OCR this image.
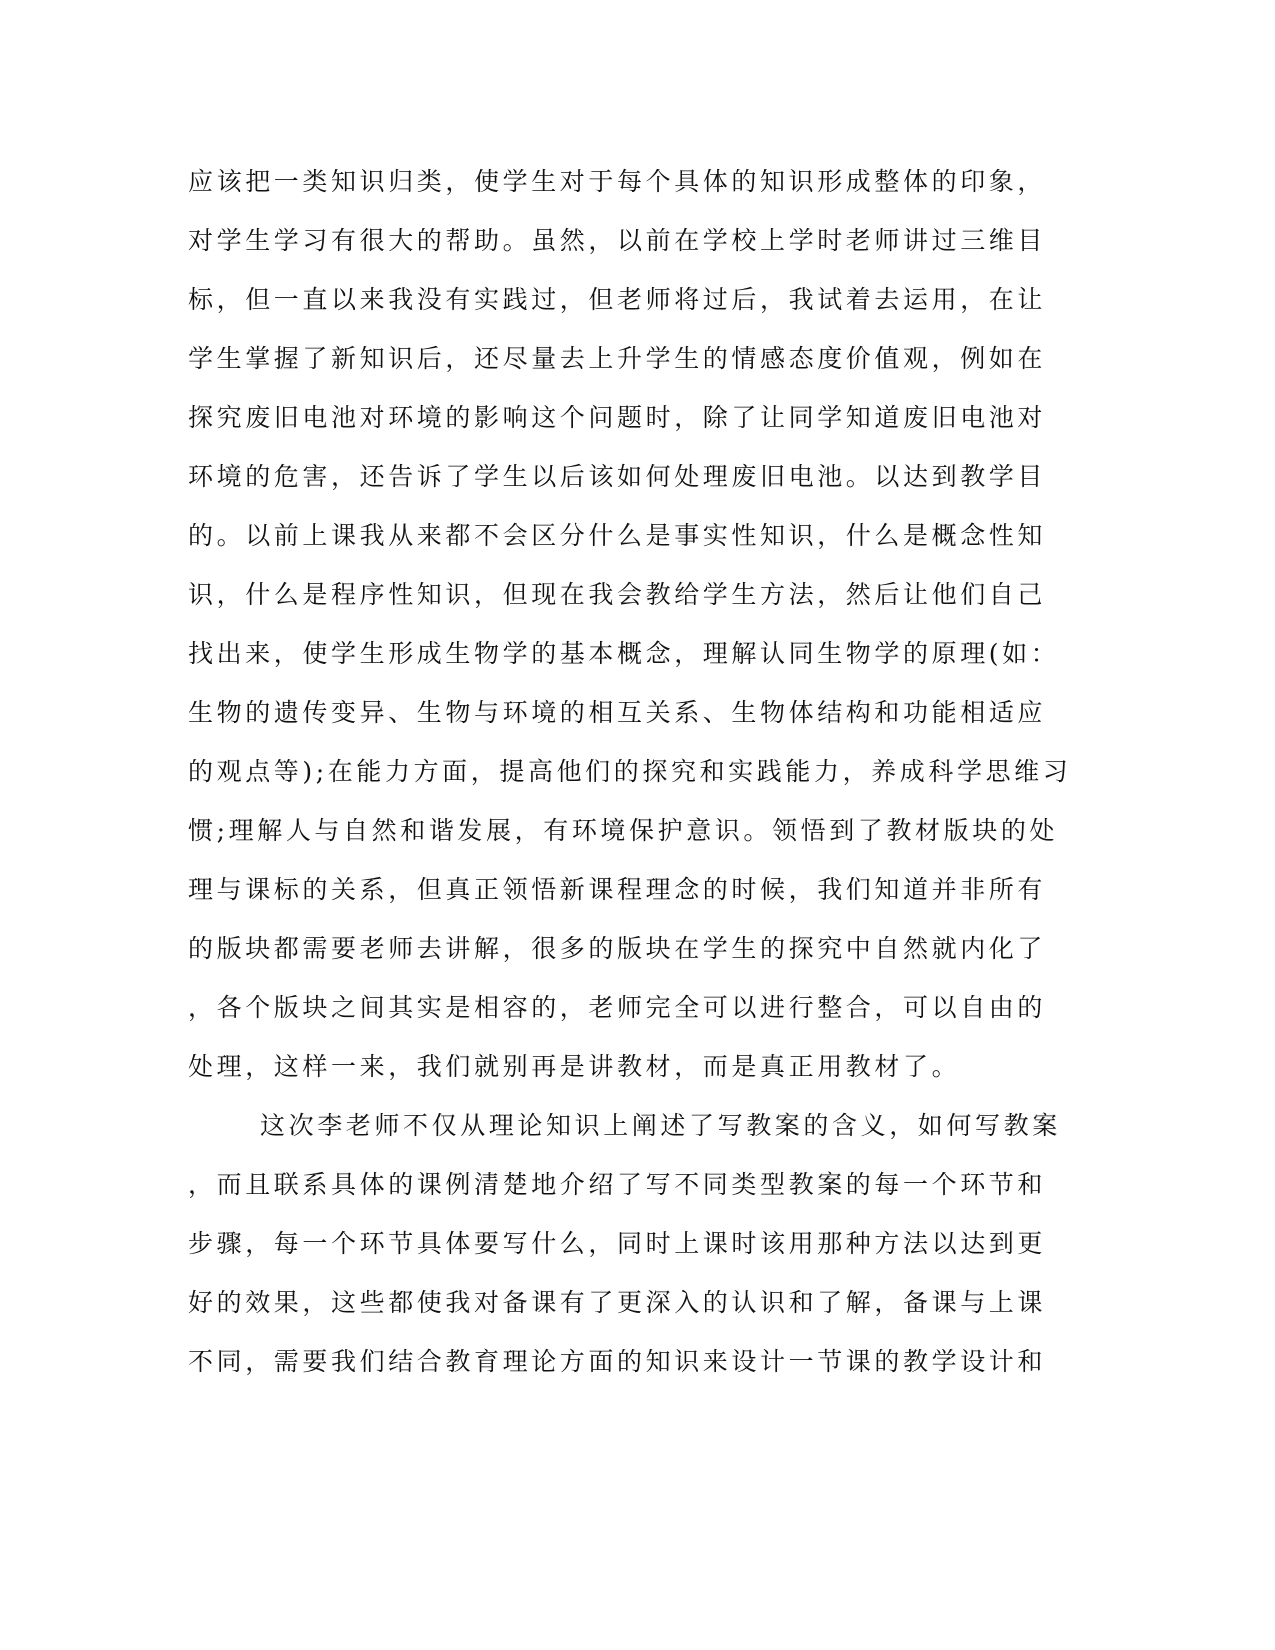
应该把一类知识归类，使学生对于每个具体的知识形成整体的印象，
对学生学习有很大的帮助。虽然，以前在学校上学时老师讲过三维目
标，但一直以来我没有实践过，但老师将过后，我试着去运用，在让
学生掌握了新知识后，还尽量去上升学生的情感态度价值观，例如在
探究废旧电池对环境的影响这个问题时，除了让同学知道废旧电池对
环境的危害，还告诉了学生以后该如何处理废旧电池。以达到教学目
的。以前上课我从来都不会区分什么是事实性知识，什么是概念性知
识，什么是程序性知识，但现在我会教给学生方法，然后让他们自己
找出来，使学生形成生物学的基本概念，理解认同生物学的原理(如：
生物的遗传变异、生物与环境的相互关系、生物体结构和功能相适应
的观点等);在能力方面，提高他们的探究和实践能力，养成科学思维习
惯;理解人与自然和谐发展，有环境保护意识。领悟到了教材版块的处
理与课标的关系，但真正领悟新课程理念的时候，我们知道并非所有
的版块都需要老师去讲解，很多的版块在学生的探究中自然就内化了
，各个版块之间其实是相容的，老师完全可以进行整合，可以自由的
处理，这样一来，我们就别再是讲教材，而是真正用教材了。
这次李老师不仅从理论知识上阐述了写教案的含义，如何写教案
，而且联系具体的课例清楚地介绍了写不同类型教案的每一个环节和
步骤，每一个环节具体要写什么，同时上课时该用那种方法以达到更
好的效果，这些都使我对备课有了更深入的认识和了解，备课与上课
不同，需要我们结合教育理论方面的知识来设计一节课的教学设计和
